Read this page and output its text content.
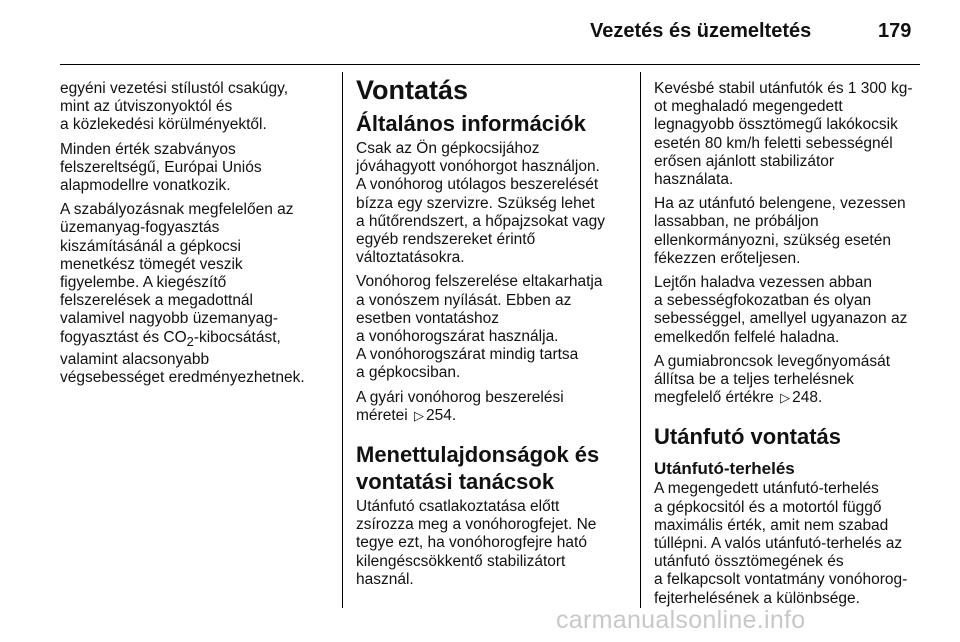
Vezetés és üzemeltetés	179

egyéni vezetési stílustól csakúgy,
mint az útviszonyoktól és
a közlekedési körülményektől.

Minden érték szabványos
felszereltségű, Európai Uniós
alapmodellre vonatkozik.

A szabályozásnak megfelelően az
üzemanyag-fogyasztás
kiszámításánál a gépkocsi
menetkész tömegét veszik
figyelembe. A kiegészítő
felszerelések a megadottnál
valamivel nagyobb üzemanyag-
fogyasztást és $CO_2$-kibocsátást,
valamint alacsonyabb
végsebességet eredményezhetnek.

Vontatás
Általános információk

Csak az Ön gépkocsijához
jóváhagyott vonóhorgot használjon.
A vonóhorog utólagos beszerelését
bízza egy szervizre. Szükség lehet
a hűtőrendszert, a hőpajzsokat vagy
egyéb rendszereket érintő
változtatásokra.

Vonóhorog felszerelése eltakarhatja
a vonószem nyílását. Ebben az
esetben vontatáshoz
a vonóhorogszárat használja.
A vonóhorogszárat mindig tartsa
a gépkocsiban.

A gyári vonóhorog beszerelési
méretei ▷ 254.

Menettulajdonságok és
vontatási tanácsok

Utánfutó csatlakoztatása előtt
zsírozza meg a vonóhorogfejet. Ne
tegye ezt, ha vonóhorogfejre ható
kilengéscsökkentő stabilizátort
használ.

Kevésbé stabil utánfutók és 1 300 kg-
ot meghaladó megengedett
legnagyobb össztömegű lakókocsik
esetén 80 km/h feletti sebességnél
erősen ajánlott stabilizátor
használata.

Ha az utánfutó belengene, vezessen
lassabban, ne próbáljon
ellenkormányozni, szükség esetén
fékezzen erőteljesen.

Lejtőn haladva vezessen abban
a sebességfokozatban és olyan
sebességgel, amellyel ugyanazon az
emelkedőn felfelé haladna.

A gumiabroncsok levegőnyomását
állítsa be a teljes terhelésnek
megfelelő értékre ▷ 248.

Utánfutó vontatás
Utánfutó-terhelés

A megengedett utánfutó-terhelés
a gépkocsitól és a motortól függő
maximális érték, amit nem szabad
túllépni. A valós utánfutó-terhelés az
utánfutó össztömegének és
a felkapcsolt vontatmány vonóhorog-
fejterhelésének a különbsége.

carmanualsonline.info
